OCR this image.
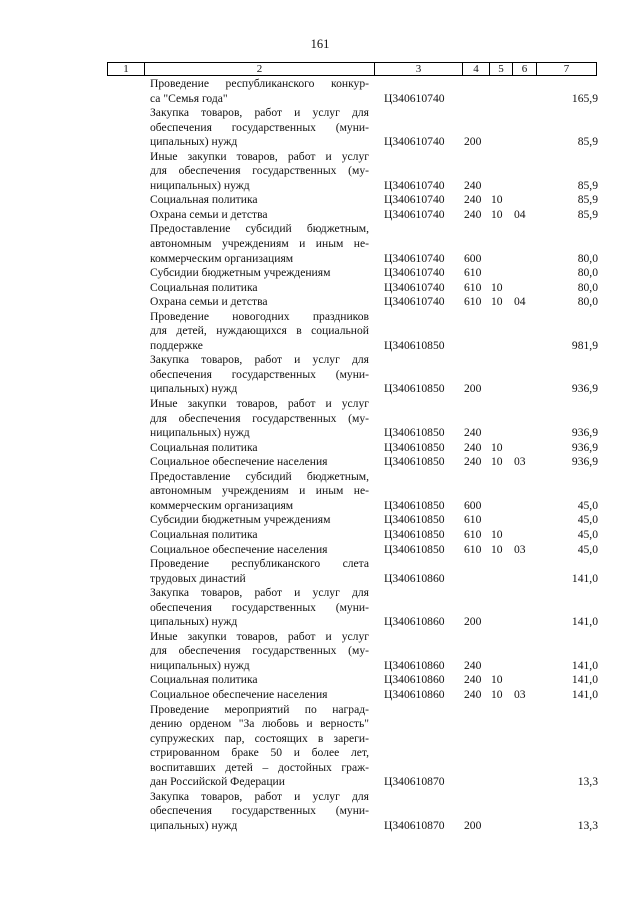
161
1	2	3	4	5	6	7
Проведение республиканского конкур-
са "Семья года"	Ц340610740	165,9
Закупка товаров, работ и услуг для
обеспечения государственных (муни-
ципальных) нужд	Ц340610740 200	85,9
Иные закупки товаров, работ и услуг
для обеспечения государственных (му-
ниципальных) нужд	Ц340610740 240	85,9
Социальная политика	Ц340610740 240 10	85,9
Охрана семьи и детства	Ц340610740 240 10 04	85,9
Предоставление субсидий бюджетным,
автономным учреждениям и иным не-
коммерческим организациям	Ц340610740 600	80,0
Субсидии бюджетным учреждениям	Ц340610740 610	80,0
Социальная политика	Ц340610740 610 10	80,0
Охрана семьи и детства	Ц340610740 610 10 04	80,0
Проведение новогодних праздников
для детей, нуждающихся в социальной
поддержке	Ц340610850	981,9
Закупка товаров, работ и услуг для
обеспечения государственных (муни-
ципальных) нужд	Ц340610850 200	936,9
Иные закупки товаров, работ и услуг
для обеспечения государственных (му-
ниципальных) нужд	Ц340610850 240	936,9
Социальная политика	Ц340610850 240 10	936,9
Социальное обеспечение населения	Ц340610850 240 10 03	936,9
Предоставление субсидий бюджетным,
автономным учреждениям и иным не-
коммерческим организациям	Ц340610850 600	45,0
Субсидии бюджетным учреждениям	Ц340610850 610	45,0
Социальная политика	Ц340610850 610 10	45,0
Социальное обеспечение населения	Ц340610850 610 10 03	45,0
Проведение республиканского слета
трудовых династий	Ц340610860	141,0
Закупка товаров, работ и услуг для
обеспечения государственных (муни-
ципальных) нужд	Ц340610860 200	141,0
Иные закупки товаров, работ и услуг
для обеспечения государственных (му-
ниципальных) нужд	Ц340610860 240	141,0
Социальная политика	Ц340610860 240 10	141,0
Социальное обеспечение населения	Ц340610860 240 10 03	141,0
Проведение мероприятий по наград-
дению орденом "За любовь и верность"
супружеских пар, состоящих в зареги-
стрированном браке 50 и более лет,
воспитавших детей – достойных граж-
дан Российской Федерации	Ц340610870	13,3
Закупка товаров, работ и услуг для
обеспечения государственных (муни-
ципальных) нужд	Ц340610870 200	13,3
